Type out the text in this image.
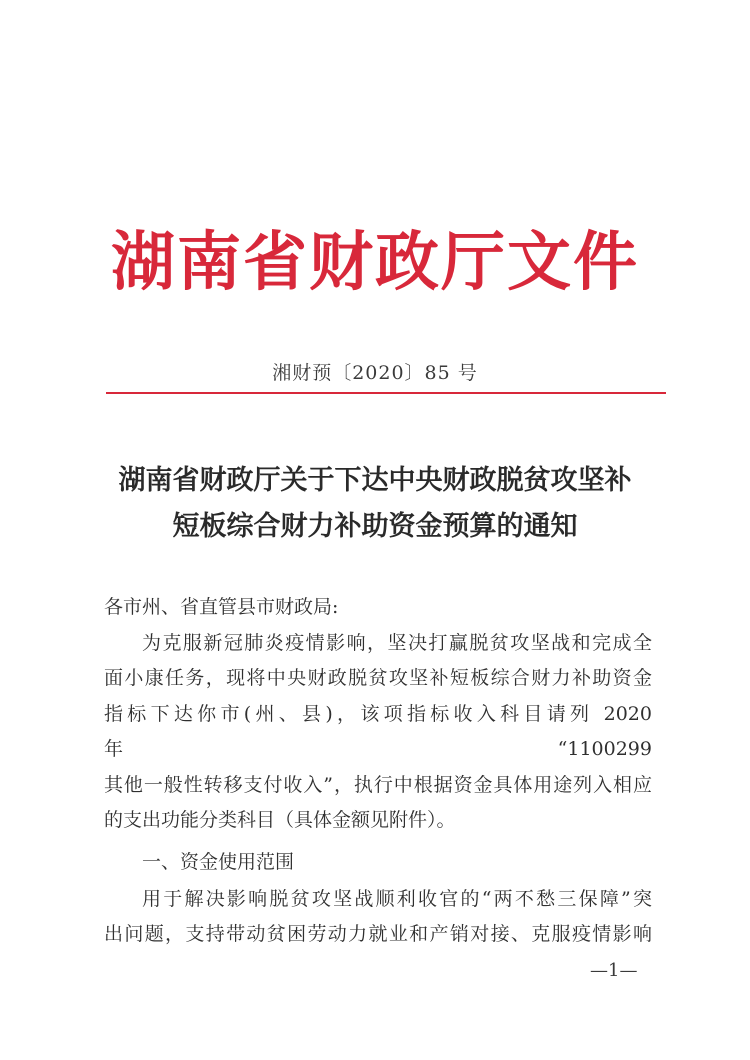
湖南省财政厅文件
湘财预〔2020〕85 号
湖南省财政厅关于下达中央财政脱贫攻坚补
短板综合财力补助资金预算的通知

各市州、省直管县市财政局:

为克服新冠肺炎疫情影响，坚决打赢脱贫攻坚战和完成全

面小康任务，现将中央财政脱贫攻坚补短板综合财力补助资金

指标下达你市(州、县)，该项指标收入科目请列 2020 年“1100299

其他一般性转移支付收入”，执行中根据资金具体用途列入相应

的支出功能分类科目（具体金额见附件）。

一、资金使用范围

用于解决影响脱贫攻坚战顺利收官的“两不愁三保障”突

出问题，支持带动贫困劳动力就业和产销对接、克服疫情影响

—1—
